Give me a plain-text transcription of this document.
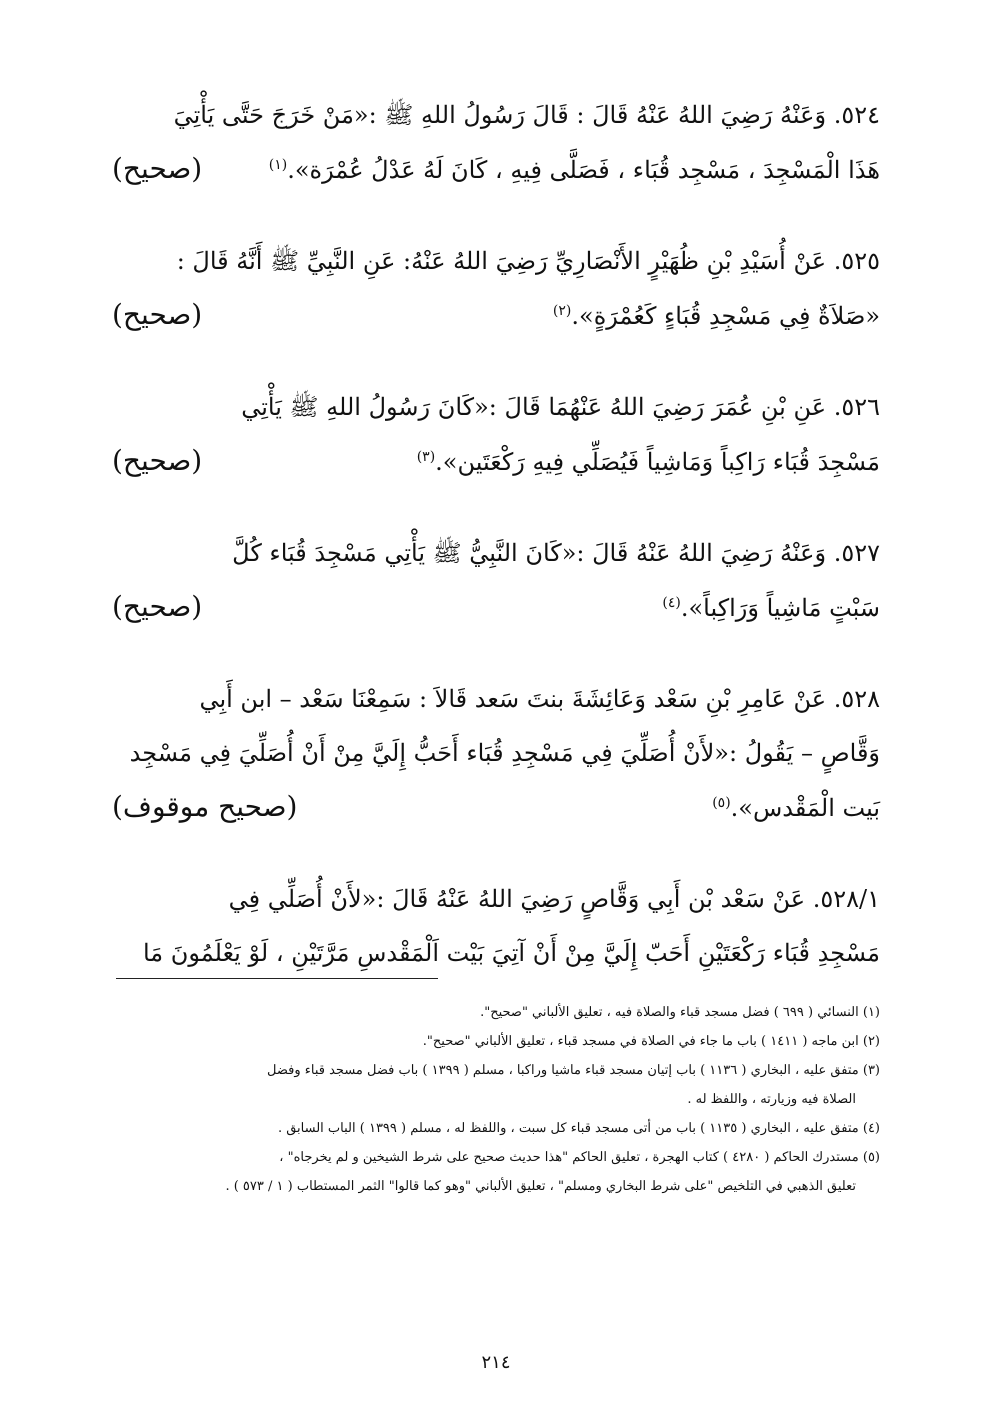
٥٢٤. وَعَنْهُ رَضِيَ اللهُ عَنْهُ قَالَ : قَالَ رَسُولُ اللهِ ﷺ :«مَنْ خَرَجَ حَتَّى يَأْتِيَ
هَذَا الْمَسْجِدَ ، مَسْجِد قُبَاء ، فَصَلَّى فِيهِ ، كَانَ لَهُ عَدْلُ عُمْرَة».$^{(١)}$
(صحيح)
٥٢٥. عَنْ أُسَيْدِ بْنِ ظُهَيْرٍ الأَنْصَارِيِّ رَضِيَ اللهُ عَنْهُ: عَنِ النَّبِيِّ ﷺ أَنَّهُ قَالَ :
«صَلاَةٌ فِي مَسْجِدِ قُبَاءٍ كَعُمْرَةٍ».$^{(٢)}$
(صحيح)
٥٢٦. عَنِ بْنِ عُمَرَ رَضِيَ اللهُ عَنْهُمَا قَالَ :«كَانَ رَسُولُ اللهِ ﷺ يَأْتِي
مَسْجِدَ قُبَاء رَاكِباً وَمَاشِياً فَيُصَلِّي فِيهِ رَكْعَتَين».$^{(٣)}$
(صحيح)
٥٢٧. وَعَنْهُ رَضِيَ اللهُ عَنْهُ قَالَ :«كَانَ النَّبِيُّ ﷺ يَأْتِي مَسْجِدَ قُبَاء كُلَّ
سَبْتٍ مَاشِياً وَرَاكِباً».$^{(٤)}$
(صحيح)
٥٢٨. عَنْ عَامِرِ بْنِ سَعْد وَعَائِشَةَ بنتَ سَعد قَالاَ : سَمِعْنَا سَعْد – ابن أَبِي
وَقَّاصٍ – يَقُولُ :«لأَنْ أُصَلِّيَ فِي مَسْجِدِ قُبَاء أَحَبُّ إِلَيَّ مِنْ أَنْ أُصَلِّيَ فِي مَسْجِد
بَيت الْمَقْدس».$^{(٥)}$
(صحيح موقوف)
٥٢٨/١. عَنْ سَعْد بْن أَبِي وَقَّاصٍ رَضِيَ اللهُ عَنْهُ قَالَ :«لأَنْ أُصَلِّي فِي
مَسْجِدِ قُبَاء رَكْعَتَيْنِ أَحَبّ إِلَيَّ مِنْ أَنْ آتِيَ بَيْت اَلْمَقْدسِ مَرَّتَيْنِ ، لَوْ يَعْلَمُونَ مَا
(١) النسائي ( ٦٩٩ ) فضل مسجد قباء والصلاة فيه ، تعليق الألباني "صحيح".
(٢) ابن ماجه ( ١٤١١ ) باب ما جاء في الصلاة في مسجد قباء ، تعليق الألباني "صحيح".
(٣) متفق عليه ، البخاري ( ١١٣٦ ) باب إتيان مسجد قباء ماشيا وراكبا ، مسلم ( ١٣٩٩ ) باب فضل مسجد قباء وفضل
الصلاة فيه وزيارته ، واللفظ له .
(٤) متفق عليه ، البخاري ( ١١٣٥ ) باب من أتى مسجد قباء كل سبت ، واللفظ له ، مسلم ( ١٣٩٩ ) الباب السابق .
(٥) مستدرك الحاكم ( ٤٢٨٠ ) كتاب الهجرة ، تعليق الحاكم "هذا حديث صحيح على شرط الشيخين و لم يخرجاه" ،
تعليق الذهبي في التلخيص "على شرط البخاري ومسلم" ، تعليق الألباني "وهو كما قالوا" الثمر المستطاب ( ١ / ٥٧٣ ) .
٢١٤
